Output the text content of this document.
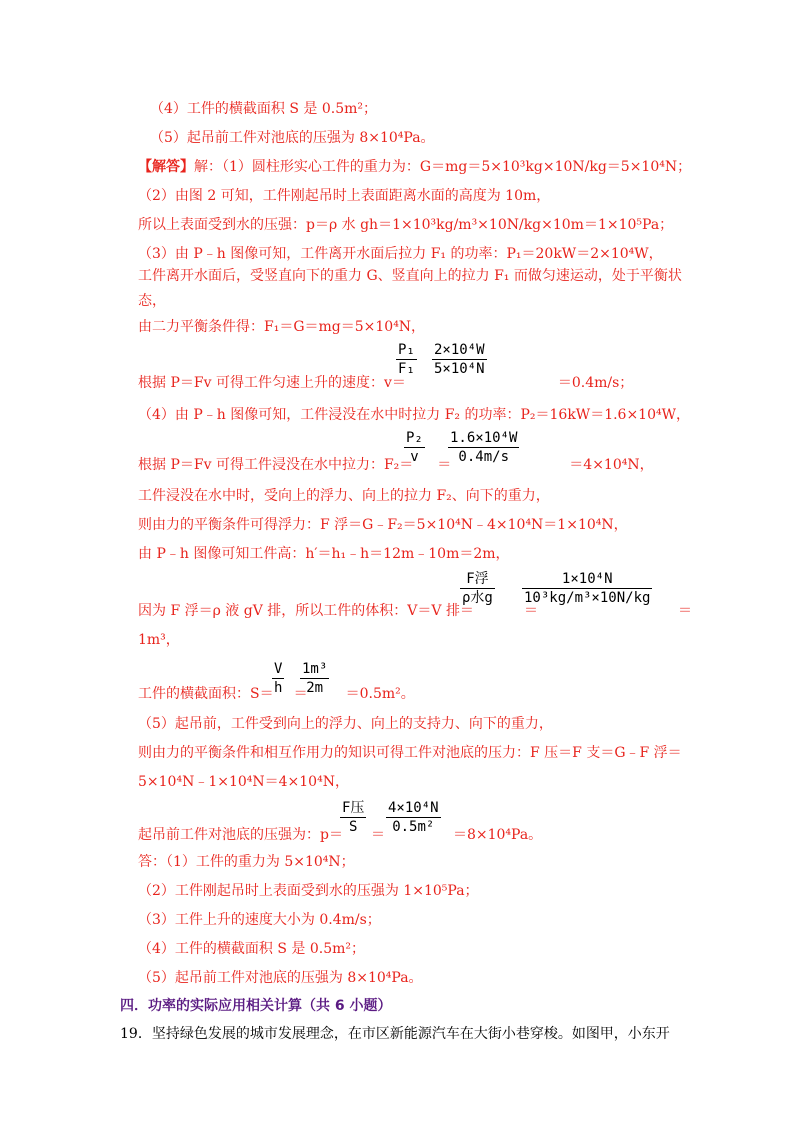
（4）工件的横截面积 S 是 0.5m²；
（5）起吊前工件对池底的压强为 8×10⁴Pa。
【解答】解：（1）圆柱形实心工件的重力为：G＝mg＝5×10³kg×10N/kg＝5×10⁴N；
（2）由图 2 可知，工件刚起吊时上表面距离水面的高度为 10m，
所以上表面受到水的压强：p＝ρ 水 gh＝1×10³kg/m³×10N/kg×10m＝1×10⁵Pa；
（3）由 P﹣h 图像可知，工件离开水面后拉力 F₁ 的功率：P₁＝20kW＝2×10⁴W，
工件离开水面后，受竖直向下的重力 G、竖直向上的拉力 F₁ 而做匀速运动，处于平衡状
态，
由二力平衡条件得：F₁＝G＝mg＝5×10⁴N，
P₁
F₁
2×10⁴W
5×10⁴N
根据 P＝Fv 可得工件匀速上升的速度：v＝	＝0.4m/s；
（4）由 P﹣h 图像可知，工件浸没在水中时拉力 F₂ 的功率：P₂＝16kW＝1.6×10⁴W，
P₂
v
1.6×10⁴W
0.4m/s
根据 P＝Fv 可得工件浸没在水中拉力：F₂＝ ＝	＝4×10⁴N，
工件浸没在水中时，受向上的浮力、向上的拉力 F₂、向下的重力，
则由力的平衡条件可得浮力：F 浮＝G﹣F₂＝5×10⁴N﹣4×10⁴N＝1×10⁴N，
由 P﹣h 图像可知工件高：h′＝h₁﹣h＝12m﹣10m＝2m，
F浮
ρ水g
1×10⁴N
10³kg/m³×10N/kg
因为 F 浮＝ρ 液 gV 排，所以工件的体积：V＝V 排＝	＝	＝
1m³，
V
h
1m³
2m
工件的横截面积：S＝ ＝	＝0.5m²。
（5）起吊前，工件受到向上的浮力、向上的支持力、向下的重力，
则由力的平衡条件和相互作用力的知识可得工件对池底的压力：F 压＝F 支＝G﹣F 浮＝
5×10⁴N﹣1×10⁴N＝4×10⁴N，
F压
S
4×10⁴N
0.5m²
起吊前工件对池底的压强为：p＝ ＝	＝8×10⁴Pa。
答：（1）工件的重力为 5×10⁴N；
（2）工件刚起吊时上表面受到水的压强为 1×10⁵Pa；
（3）工件上升的速度大小为 0.4m/s；
（4）工件的横截面积 S 是 0.5m²；
（5）起吊前工件对池底的压强为 8×10⁴Pa。
四．功率的实际应用相关计算（共 6 小题）
19．坚持绿色发展的城市发展理念，在市区新能源汽车在大街小巷穿梭。如图甲，小东开
